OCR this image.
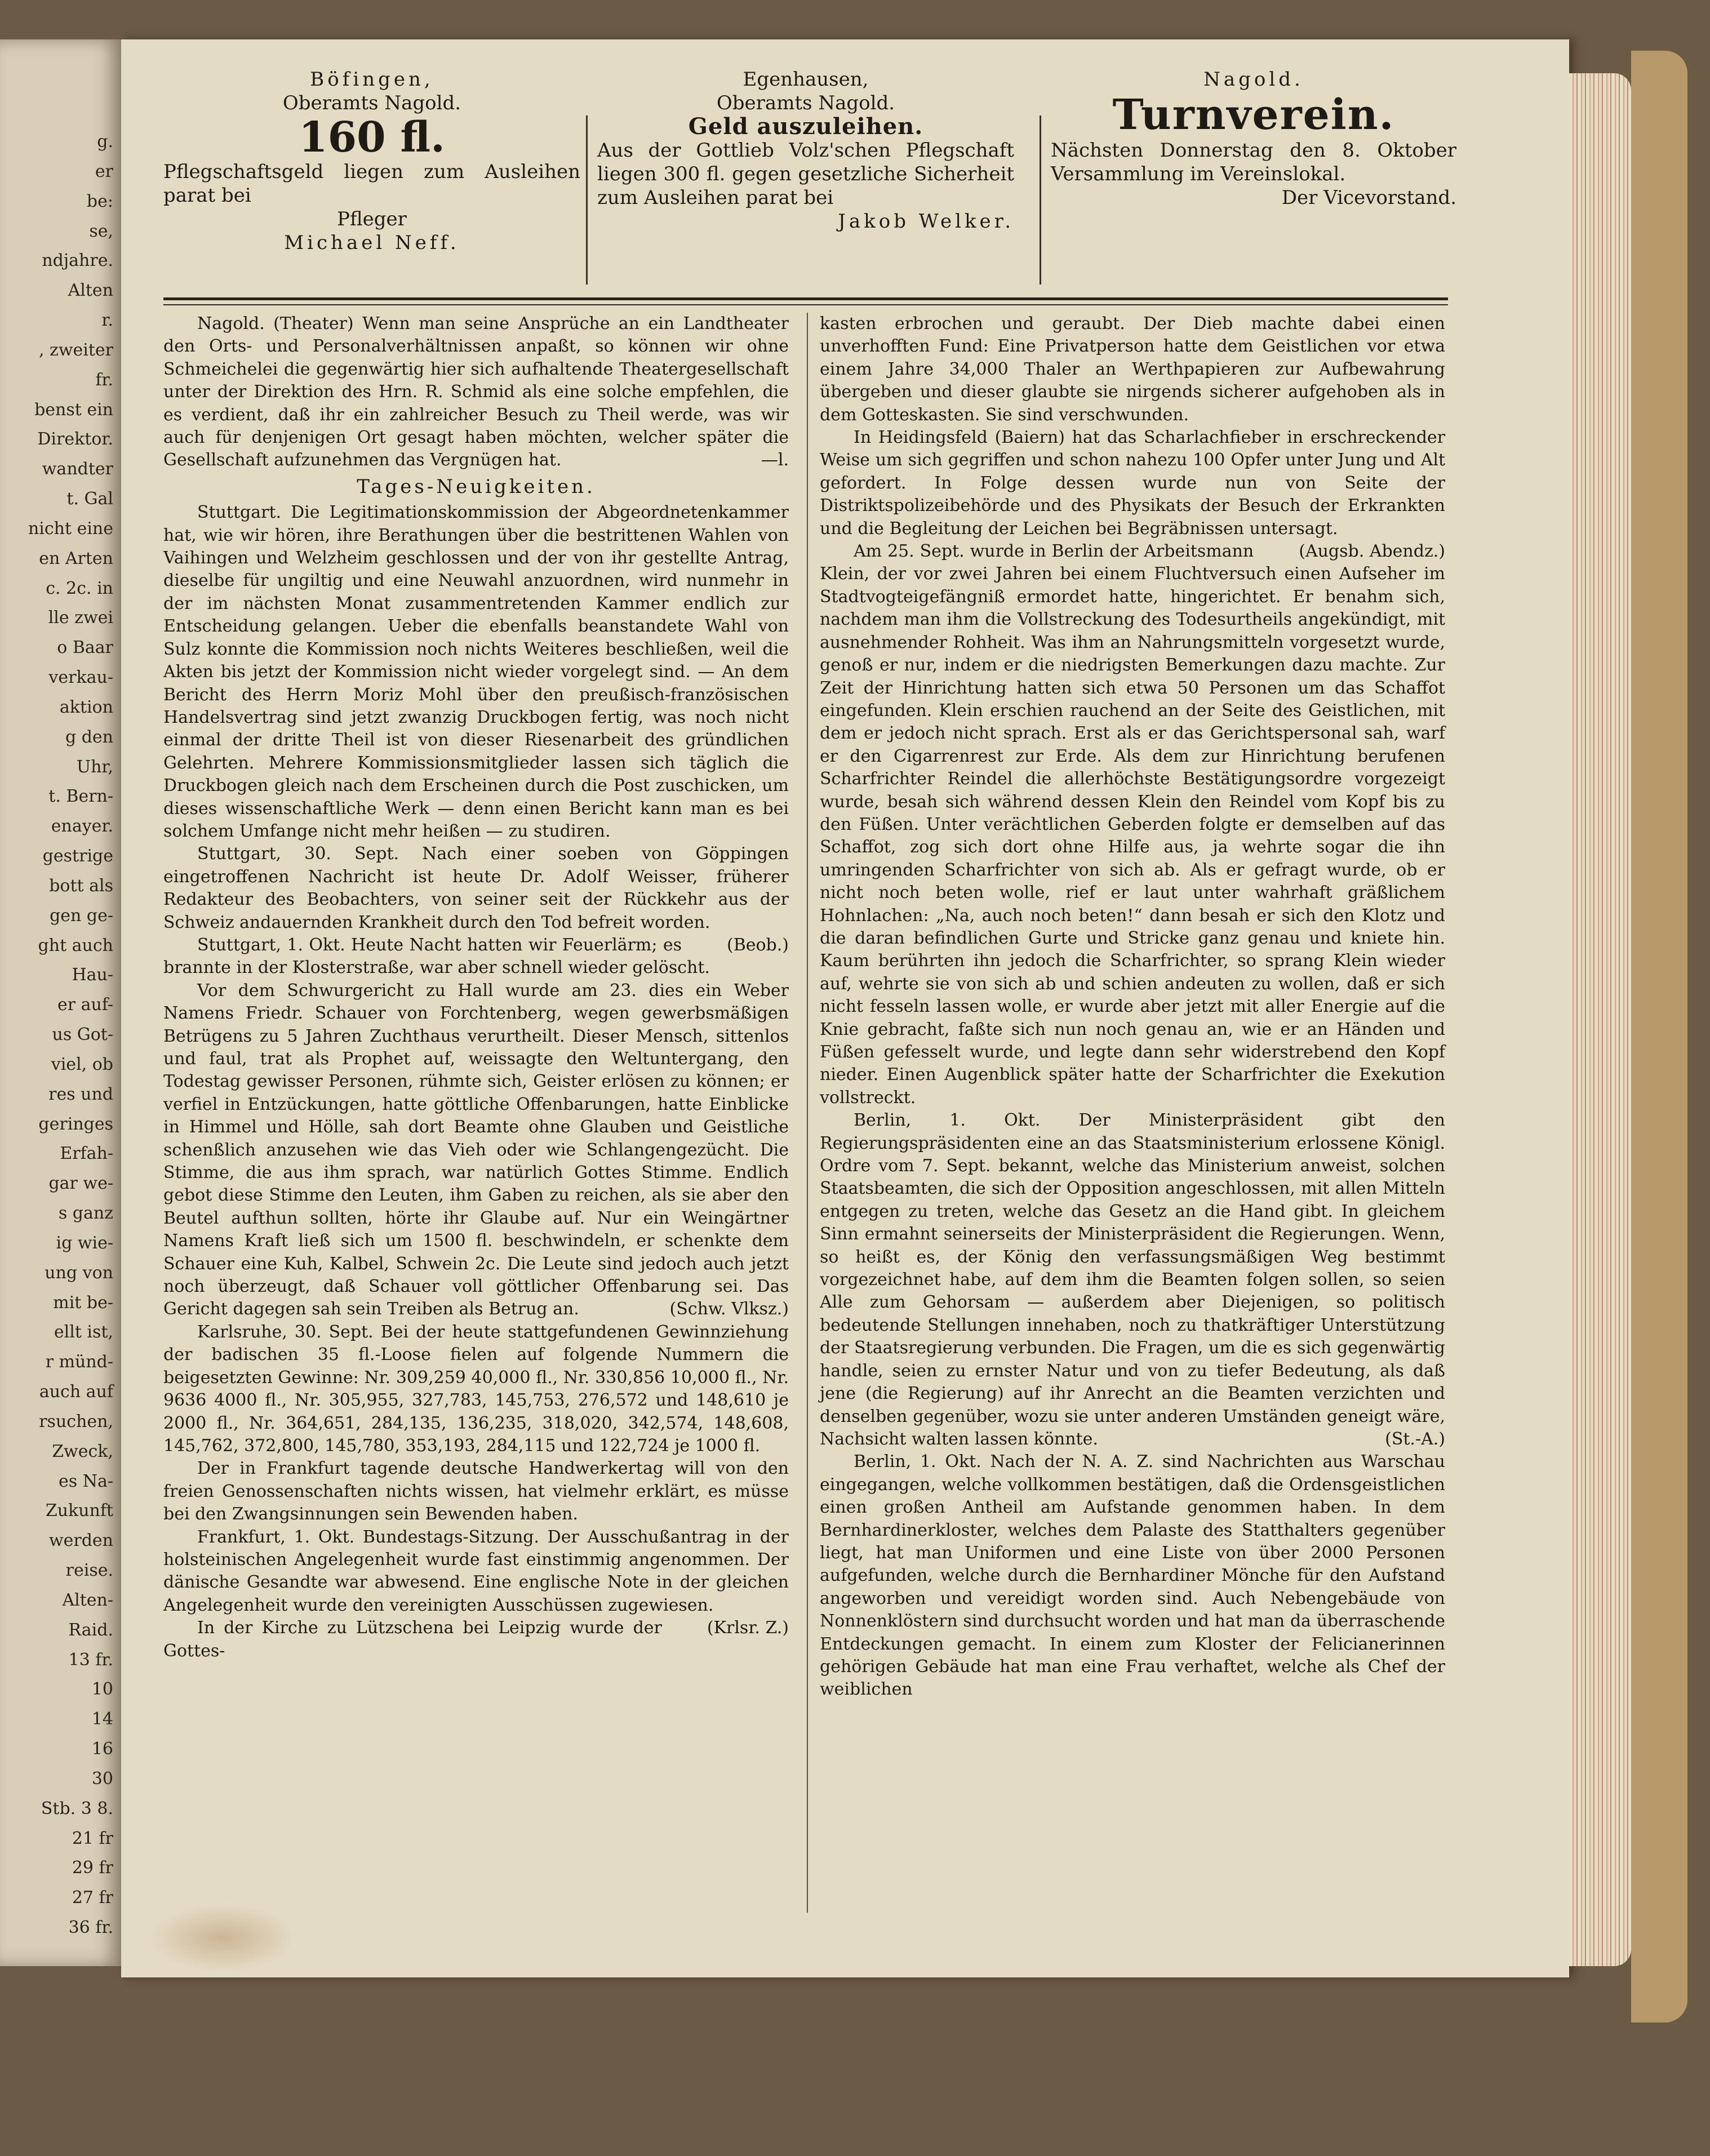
g.
er
be:
se,
ndjahre.
Alten
r.
, zweiter
fr.
benst ein
Direktor.
wandter
t. Gal
nicht eine
en Arten
c. 2c. in
lle zwei
o Baar
verkau-
aktion
g den
Uhr,
t. Bern-
enayer.
gestrige
bott als
gen ge-
ght auch
Hau-
er auf-
us Got-
viel, ob
res und
geringes
Erfah-
gar we-
s ganz
ig wie-
ung von
mit be-
ellt ist,
r münd-
auch auf
rsuchen,
Zweck,
es Na-
Zukunft
werden
reise.
Alten-
Raid.
13 fr.
10
14
16
30
Stb. 3 8.
21 fr
29 fr
27 fr
36 fr.
Böfingen,
Oberamts Nagold.
160 fl.
Pflegschaftsgeld liegen zum Ausleihen parat bei
Pfleger
Michael Neff.
Egenhausen,
Oberamts Nagold.
Geld auszuleihen.
Aus der Gottlieb Volz'schen Pflegschaft liegen 300 fl. gegen gesetzliche Sicherheit zum Ausleihen parat bei
Jakob Welker.
Nagold.
Turnverein.
Nächsten Donnerstag den 8. Oktober Versammlung im Vereinslokal.
Der Vicevorstand.

Nagold. (Theater) Wenn man seine Ansprüche an ein Landtheater den Orts- und Personalverhältnissen anpaßt, so können wir ohne Schmeichelei die gegenwärtig hier sich aufhaltende Theatergesellschaft unter der Direktion des Hrn. R. Schmid als eine solche empfehlen, die es verdient, daß ihr ein zahlreicher Besuch zu Theil werde, was wir auch für denjenigen Ort gesagt haben möchten, welcher später die Gesellschaft aufzunehmen das Vergnügen hat.	—l.

Tages-Neuigkeiten.

Stuttgart. Die Legitimationskommission der Abgeordnetenkammer hat, wie wir hören, ihre Berathungen über die bestrittenen Wahlen von Vaihingen und Welzheim geschlossen und der von ihr gestellte Antrag, dieselbe für ungiltig und eine Neuwahl anzuordnen, wird nunmehr in der im nächsten Monat zusammentretenden Kammer endlich zur Entscheidung gelangen. Ueber die ebenfalls beanstandete Wahl von Sulz konnte die Kommission noch nichts Weiteres beschließen, weil die Akten bis jetzt der Kommission nicht wieder vorgelegt sind. — An dem Bericht des Herrn Moriz Mohl über den preußisch-französischen Handelsvertrag sind jetzt zwanzig Druckbogen fertig, was noch nicht einmal der dritte Theil ist von dieser Riesenarbeit des gründlichen Gelehrten. Mehrere Kommissionsmitglieder lassen sich täglich die Druckbogen gleich nach dem Erscheinen durch die Post zuschicken, um dieses wissenschaftliche Werk — denn einen Bericht kann man es bei solchem Umfange nicht mehr heißen — zu studiren.

Stuttgart, 30. Sept. Nach einer soeben von Göppingen eingetroffenen Nachricht ist heute Dr. Adolf Weisser, früherer Redakteur des Beobachters, von seiner seit der Rückkehr aus der Schweiz andauernden Krankheit durch den Tod befreit worden.
(Beob.)

Stuttgart, 1. Okt. Heute Nacht hatten wir Feuerlärm; es brannte in der Klosterstraße, war aber schnell wieder gelöscht.

Vor dem Schwurgericht zu Hall wurde am 23. dies ein Weber Namens Friedr. Schauer von Forchtenberg, wegen gewerbsmäßigen Betrügens zu 5 Jahren Zuchthaus verurtheilt. Dieser Mensch, sittenlos und faul, trat als Prophet auf, weissagte den Weltuntergang, den Todestag gewisser Personen, rühmte sich, Geister erlösen zu können; er verfiel in Entzückungen, hatte göttliche Offenbarungen, hatte Einblicke in Himmel und Hölle, sah dort Beamte ohne Glauben und Geistliche schenßlich anzusehen wie das Vieh oder wie Schlangengezücht. Die Stimme, die aus ihm sprach, war natürlich Gottes Stimme. Endlich gebot diese Stimme den Leuten, ihm Gaben zu reichen, als sie aber den Beutel aufthun sollten, hörte ihr Glaube auf. Nur ein Weingärtner Namens Kraft ließ sich um 1500 fl. beschwindeln, er schenkte dem Schauer eine Kuh, Kalbel, Schwein 2c. Die Leute sind jedoch auch jetzt noch überzeugt, daß Schauer voll göttlicher Offenbarung sei. Das Gericht dagegen sah sein Treiben als Betrug an.	(Schw. Vlksz.)

Karlsruhe, 30. Sept. Bei der heute stattgefundenen Gewinnziehung der badischen 35 fl.-Loose fielen auf folgende Nummern die beigesetzten Gewinne: Nr. 309,259 40,000 fl., Nr. 330,856 10,000 fl., Nr. 9636 4000 fl., Nr. 305,955, 327,783, 145,753, 276,572 und 148,610 je 2000 fl., Nr. 364,651, 284,135, 136,235, 318,020, 342,574, 148,608, 145,762, 372,800, 145,780, 353,193, 284,115 und 122,724 je 1000 fl.

Der in Frankfurt tagende deutsche Handwerkertag will von den freien Genossenschaften nichts wissen, hat vielmehr erklärt, es müsse bei den Zwangsinnungen sein Bewenden haben.

Frankfurt, 1. Okt. Bundestags-Sitzung. Der Ausschußantrag in der holsteinischen Angelegenheit wurde fast einstimmig angenommen. Der dänische Gesandte war abwesend. Eine englische Note in der gleichen Angelegenheit wurde den vereinigten Ausschüssen zugewiesen.
(Krlsr. Z.)

In der Kirche zu Lützschena bei Leipzig wurde der Gottes-

kasten erbrochen und geraubt. Der Dieb machte dabei einen unverhofften Fund: Eine Privatperson hatte dem Geistlichen vor etwa einem Jahre 34,000 Thaler an Werthpapieren zur Aufbewahrung übergeben und dieser glaubte sie nirgends sicherer aufgehoben als in dem Gotteskasten. Sie sind verschwunden.

In Heidingsfeld (Baiern) hat das Scharlachfieber in erschreckender Weise um sich gegriffen und schon nahezu 100 Opfer unter Jung und Alt gefordert. In Folge dessen wurde nun von Seite der Distriktspolizeibehörde und des Physikats der Besuch der Erkrankten und die Begleitung der Leichen bei Begräbnissen untersagt.
(Augsb. Abendz.)

Am 25. Sept. wurde in Berlin der Arbeitsmann Klein, der vor zwei Jahren bei einem Fluchtversuch einen Aufseher im Stadtvogteigefängniß ermordet hatte, hingerichtet. Er benahm sich, nachdem man ihm die Vollstreckung des Todesurtheils angekündigt, mit ausnehmender Rohheit. Was ihm an Nahrungsmitteln vorgesetzt wurde, genoß er nur, indem er die niedrigsten Bemerkungen dazu machte. Zur Zeit der Hinrichtung hatten sich etwa 50 Personen um das Schaffot eingefunden. Klein erschien rauchend an der Seite des Geistlichen, mit dem er jedoch nicht sprach. Erst als er das Gerichtspersonal sah, warf er den Cigarrenrest zur Erde. Als dem zur Hinrichtung berufenen Scharfrichter Reindel die allerhöchste Bestätigungsordre vorgezeigt wurde, besah sich während dessen Klein den Reindel vom Kopf bis zu den Füßen. Unter verächtlichen Geberden folgte er demselben auf das Schaffot, zog sich dort ohne Hilfe aus, ja wehrte sogar die ihn umringenden Scharfrichter von sich ab. Als er gefragt wurde, ob er nicht noch beten wolle, rief er laut unter wahrhaft gräßlichem Hohnlachen: „Na, auch noch beten!“ dann besah er sich den Klotz und die daran befindlichen Gurte und Stricke ganz genau und kniete hin. Kaum berührten ihn jedoch die Scharfrichter, so sprang Klein wieder auf, wehrte sie von sich ab und schien andeuten zu wollen, daß er sich nicht fesseln lassen wolle, er wurde aber jetzt mit aller Energie auf die Knie gebracht, faßte sich nun noch genau an, wie er an Händen und Füßen gefesselt wurde, und legte dann sehr widerstrebend den Kopf nieder. Einen Augenblick später hatte der Scharfrichter die Exekution vollstreckt.

Berlin, 1. Okt. Der Ministerpräsident gibt den Regierungspräsidenten eine an das Staatsministerium erlossene Königl. Ordre vom 7. Sept. bekannt, welche das Ministerium anweist, solchen Staatsbeamten, die sich der Opposition angeschlossen, mit allen Mitteln entgegen zu treten, welche das Gesetz an die Hand gibt. In gleichem Sinn ermahnt seinerseits der Ministerpräsident die Regierungen. Wenn, so heißt es, der König den verfassungsmäßigen Weg bestimmt vorgezeichnet habe, auf dem ihm die Beamten folgen sollen, so seien Alle zum Gehorsam — außerdem aber Diejenigen, so politisch bedeutende Stellungen innehaben, noch zu thatkräftiger Unterstützung der Staatsregierung verbunden. Die Fragen, um die es sich gegenwärtig handle, seien zu ernster Natur und von zu tiefer Bedeutung, als daß jene (die Regierung) auf ihr Anrecht an die Beamten verzichten und denselben gegenüber, wozu sie unter anderen Umständen geneigt wäre, Nachsicht walten lassen könnte.	(St.-A.)

Berlin, 1. Okt. Nach der N. A. Z. sind Nachrichten aus Warschau eingegangen, welche vollkommen bestätigen, daß die Ordensgeistlichen einen großen Antheil am Aufstande genommen haben. In dem Bernhardinerkloster, welches dem Palaste des Statthalters gegenüber liegt, hat man Uniformen und eine Liste von über 2000 Personen aufgefunden, welche durch die Bernhardiner Mönche für den Aufstand angeworben und vereidigt worden sind. Auch Nebengebäude von Nonnenklöstern sind durchsucht worden und hat man da überraschende Entdeckungen gemacht. In einem zum Kloster der Felicianerinnen gehörigen Gebäude hat man eine Frau verhaftet, welche als Chef der weiblichen
